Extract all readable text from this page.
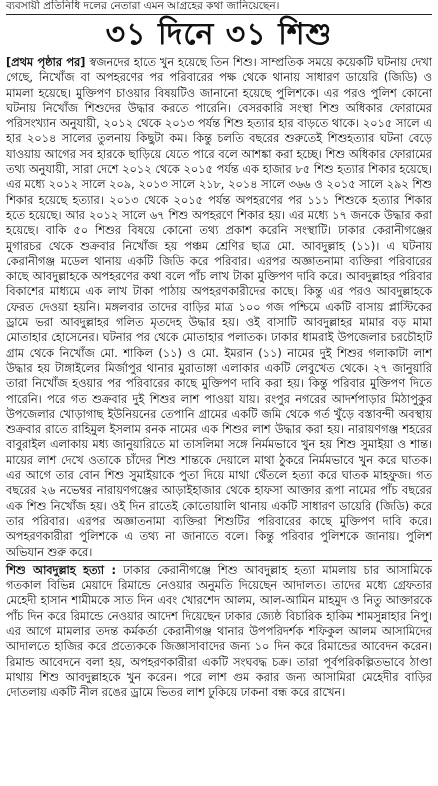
ব্যবসায়ী প্রতিনিধি দলের নেতারা এমন আগ্রহের কথা জানিয়েছেন।
৩১ দিনে ৩১ শিশু

[প্রথম পৃষ্ঠার পর] স্বজনদের হাতে খুন হয়েছে তিন শিশু। সাম্প্রতিক সময়ে কয়েকটি ঘটনায় দেখা গেছে, নিখোঁজ বা অপহরণের পর পরিবারের পক্ষ থেকে থানায় সাধারণ ডায়েরি (জিডি) ও মামলা হয়েছে। মুক্তিপণ চাওয়ার বিষয়টিও জানানো হয়েছে পুলিশকে। এর পরও পুলিশ কোনো ঘটনায় নিখোঁজ শিশুদের উদ্ধার করতে পারেনি। বেসরকারি সংস্থা শিশু অধিকার ফোরামের পরিসংখ্যান অনুযায়ী, ২০১২ থেকে ২০১৩ পর্যন্ত শিশু হত্যার হার বাড়তে থাকে। ২০১৫ সালে এ হার ২০১৪ সালের তুলনায় কিছুটা কম। কিন্তু চলতি বছরের শুরুতেই শিশুহত্যার ঘটনা বেড়ে যাওয়ায় আগের সব হারকে ছাড়িয়ে যেতে পারে বলে আশঙ্কা করা হচ্ছে। শিশু অধিকার ফোরামের তথ্য অনুযায়ী, সারা দেশে ২০১২ থেকে ২০১৫ পর্যন্ত এক হাজার ৮৫ শিশু হত্যার শিকার হয়েছে। এর মধ্যে ২০১২ সালে ২০৯, ২০১৩ সালে ২১৮, ২০১৪ সালে ৩৬৬ ও ২০১৫ সালে ২৯২ শিশু শিকার হয়েছে হত্যার। ২০১৩ থেকে ২০১৫ পর্যন্ত অপহরণের পর ১১১ শিশুকে হত্যার শিকার হতে হয়েছে। আর ২০১২ সালে ৬৭ শিশু অপহরণে শিকার হয়। এর মধ্যে ১৭ জনকে উদ্ধার করা হয়েছে। বাকি ৫০ শিশুর বিষয়ে কোনো তথ্য প্রকাশ করেনি সংস্থাটি। ঢাকার কেরানীগঞ্জের মুগারচর থেকে শুক্রবার নিখোঁজ হয় পঞ্চম শ্রেণির ছাত্র মো. আবদুল্লাহ (১১)। এ ঘটনায় কেরানীগঞ্জ মডেল থানায় একটি জিডি করে পরিবার। এরপর অজ্ঞাতনামা ব্যক্তিরা পরিবারের কাছে আবদুল্লাহকে অপহরণের কথা বলে পাঁচ লাখ টাকা মুক্তিপণ দাবি করে। আবদুল্লাহর পরিবার বিকাশের মাধ্যমে এক লাখ টাকা পাঠায় অপহরণকারীদের কাছে। কিন্তু এর পরও আবদুল্লাহকে ফেরত দেওয়া হয়নি। মঙ্গলবার তাদের বাড়ির মাত্র ১০০ গজ পশ্চিমে একটি বাসায় প্লাস্টিকের ড্রামে ভরা আবদুল্লাহর গলিত মৃতদেহ উদ্ধার হয়। ওই বাসাটি আবদুল্লাহর মামার বড় মামা মোতাহার হোসেনের। ঘটনার পর থেকে মোতাহার পলাতক। ঢাকার ধামরাই উপজেলার চরচৌহাট গ্রাম থেকে নিখোঁজ মো. শাকিল (১১) ও মো. ইমরান (১১) নামের দুই শিশুর গলাকাটা লাশ উদ্ধার হয় টাঙ্গাইলের মির্জাপুর থানার মুরাতাঙ্গা এলাকার একটি লেবুখেত থেকে। ২৭ জানুয়ারি তারা নিখোঁজ হওয়ার পর পরিবারের কাছে মুক্তিপণ দাবি করা হয়। কিন্তু পরিবার মুক্তিপণ দিতে পারেনি। পরে গত শুক্রবার দুই শিশুর লাশ পাওয়া যায়। রংপুর নগরের আদর্শপাড়ার মিঠাপুকুর উপজেলার খোড়াগাছ ইউনিয়নের তেপানি গ্রামের একটি জমি থেকে গর্ত খুঁড়ে বস্তাবন্দী অবস্থায় শুক্রবার রাতে রাহিমুল ইসলাম রনক নামের এক শিশুর লাশ উদ্ধার করা হয়। নারায়ণগঞ্জ শহরের বাবুরাইল এলাকায় মধ্য জানুয়ারিতে মা তাসলিমা সঙ্গে নির্মমভাবে খুন হয় শিশু সুমাইয়া ও শান্ত। মায়ের লাশ দেখে ওতাকে চাঁদের শিশু শান্তকে দেয়ালে মাথা ঠুকরে নির্মমভাবে খুন করে ঘাতক। এর আগে তার বোন শিশু সুমাইয়াকে পুতা দিয়ে মাথা থেঁতলে হত্যা করে ঘাতক মাহফুজ। গত বছরের ২৬ নভেম্বর নারায়ণগঞ্জের আড়াইহাজার থেকে হাফসা আক্তার রূপা নামের পাঁচ বছরের এক শিশু নিখোঁজ হয়। ওই দিন রাতেই কোতোয়ালি থানায় একটি সাধারণ ডায়েরি (জিডি) করে তার পরিবার। এরপর অজ্ঞাতনামা ব্যক্তিরা শিশুটির পরিবারের কাছে মুক্তিপণ দাবি করে। অপহরণকারীরা পুলিশকে এ তথ্য না জানাতে বলে। কিন্তু পরিবার পুলিশকে জানায়। পুলিশ অভিযান শুরু করে।

শিশু আবদুল্লাহ হত্যা : ঢাকার কেরানীগঞ্জে শিশু আবদুল্লাহ হত্যা মামলায় চার আসামিকে গতকাল বিভিন্ন মেয়াদে রিমান্ডে নেওয়ার অনুমতি দিয়েছেন আদালত। তাদের মধ্যে গ্রেফতার মেহেদী হাসান শামীমকে সাত দিন এবং খোরশেদ আলম, আল-আমিন মাহমুদ ও নিতু আক্তারকে পাঁচ দিন করে রিমান্ডে নেওয়ার আদেশ দিয়েছেন ঢাকার জ্যেষ্ঠ বিচারিক হাকিম শামসুন্নাহার নিপু। এর আগে মামলার তদন্ত কর্মকর্তা কেরানীগঞ্জ থানার উপপরিদর্শক শফিকুল আলম আসামিদের আদালতে হাজির করে প্রত্যেককে জিজ্ঞাসাবাদের জন্য ১০ দিন করে রিমান্ডের আবেদন করেন। রিমান্ড আবেদনে বলা হয়, অপহরণকারীরা একটি সংঘবদ্ধ চক্র। তারা পূর্বপরিকল্পিতভাবে ঠাণ্ডা মাথায় শিশু আবদুল্লাহকে খুন করেন। পরে লাশ গুম করার জন্য আসামিরা মেহেদীর বাড়ির দোতলায় একটি নীল রঙের ড্রামে ভিতর লাশ ঢুকিয়ে ঢাকনা বন্ধ করে রাখেন।
